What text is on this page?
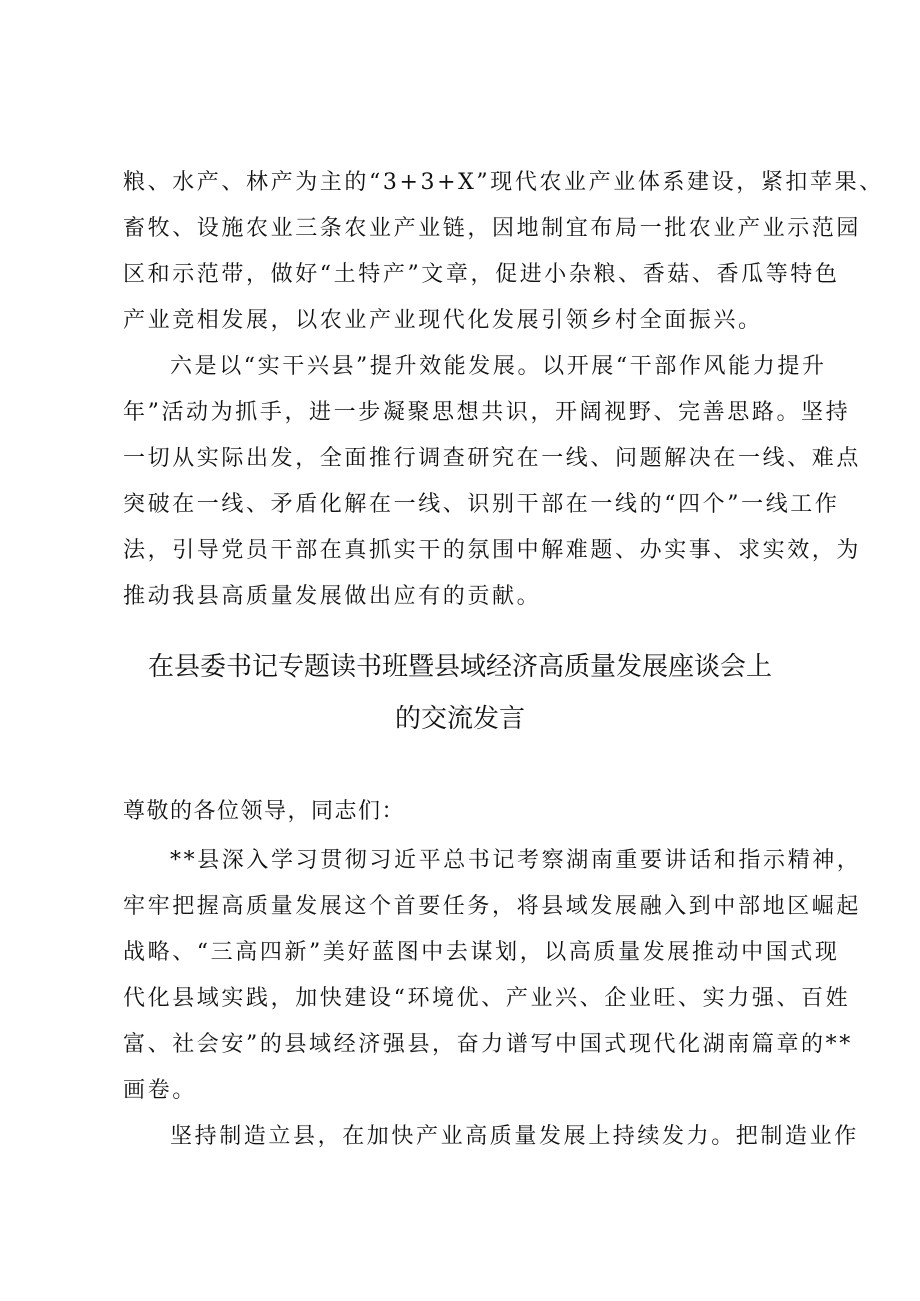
粮、水产、林产为主的“3+3+X”现代农业产业体系建设，紧扣苹果、
畜牧、设施农业三条农业产业链，因地制宜布局一批农业产业示范园
区和示范带，做好“土特产”文章，促进小杂粮、香菇、香瓜等特色
产业竞相发展，以农业产业现代化发展引领乡村全面振兴。
六是以“实干兴县”提升效能发展。以开展“干部作风能力提升
年”活动为抓手，进一步凝聚思想共识，开阔视野、完善思路。坚持
一切从实际出发，全面推行调查研究在一线、问题解决在一线、难点
突破在一线、矛盾化解在一线、识别干部在一线的“四个”一线工作
法，引导党员干部在真抓实干的氛围中解难题、办实事、求实效，为
推动我县高质量发展做出应有的贡献。
在县委书记专题读书班暨县域经济高质量发展座谈会上
的交流发言
尊敬的各位领导，同志们：
**县深入学习贯彻习近平总书记考察湖南重要讲话和指示精神，
牢牢把握高质量发展这个首要任务，将县域发展融入到中部地区崛起
战略、“三高四新”美好蓝图中去谋划，以高质量发展推动中国式现
代化县域实践，加快建设“环境优、产业兴、企业旺、实力强、百姓
富、社会安”的县域经济强县，奋力谱写中国式现代化湖南篇章的**
画卷。
坚持制造立县，在加快产业高质量发展上持续发力。把制造业作
